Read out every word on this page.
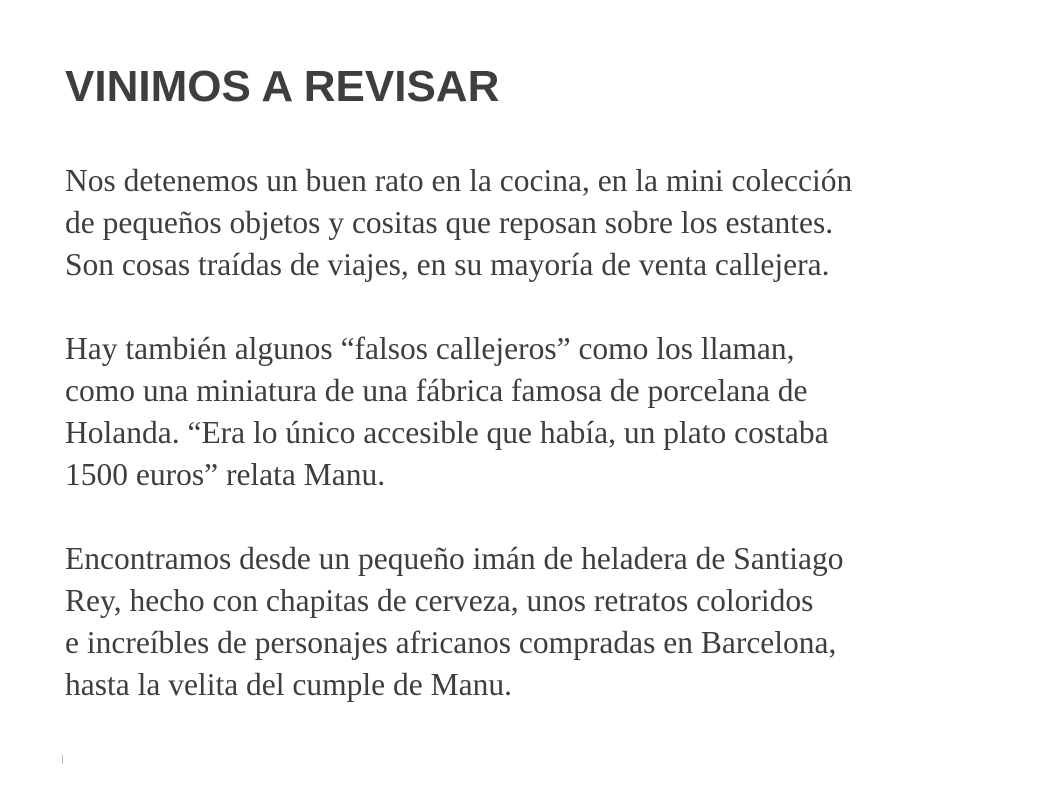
VINIMOS A REVISAR

Nos detenemos un buen rato en la cocina, en la mini colección
de pequeños objetos y cositas que reposan sobre los estantes.
Son cosas traídas de viajes, en su mayoría de venta callejera.

Hay también algunos “falsos callejeros” como los llaman,
como una miniatura de una fábrica famosa de porcelana de
Holanda. “Era lo único accesible que había, un plato costaba
1500 euros” relata Manu.

Encontramos desde un pequeño imán de heladera de Santiago
Rey, hecho con chapitas de cerveza, unos retratos coloridos
e increíbles de personajes africanos compradas en Barcelona,
hasta la velita del cumple de Manu.
